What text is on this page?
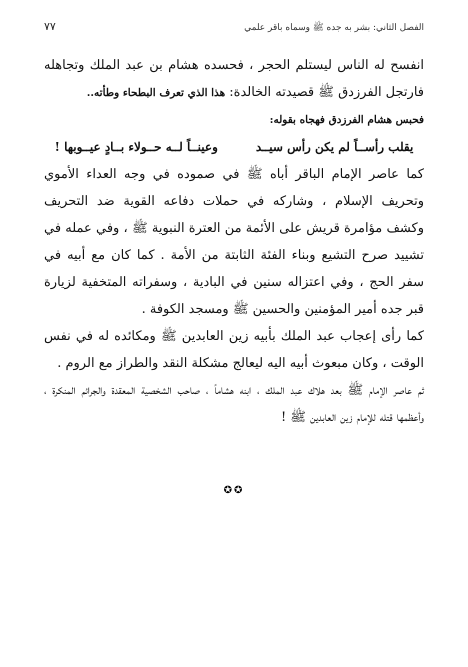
الفصل الثاني: بشر به جده ﷺ وسماه باقر علمي
٧٧

انفسح له الناس ليستلم الحجر ، فحسده هشام بن عبد الملك وتجاهله فارتجل الفرزدق ﷺ قصيدته الخالدة: هذا الذي تعرف البطحاء وطأته..

فحبس هشام الفرزدق فهجاه بقوله:

يقلب رأســاً لم يكن رأس سيــد
وعينــاً لــه حــولاء بــادٍ عيــوبها !

كما عاصر الإمام الباقر أباه ﷺ في صموده في وجه العداء الأموي وتحريف الإسلام ، وشاركه في حملات دفاعه القوية ضد التحريف وكشف مؤامرة قريش على الأئمة من العترة النبوية ﷺ ، وفي عمله في تشييد صرح التشيع وبناء الفئة الثابتة من الأمة . كما كان مع أبيه في سفر الحج ، وفي اعتزاله سنين في البادية ، وسفراته المتخفية لزيارة قبر جده أمير المؤمنين والحسين ﷺ ومسجد الكوفة .

كما رأى إعجاب عبد الملك بأبيه زين العابدين ﷺ ومكائده له في نفس الوقت ، وكان مبعوث أبيه اليه ليعالج مشكلة النقد والطراز مع الروم .

ثم عاصر الإمام ﷺ بعد هلاك عبد الملك ، ابنه هشاماً ، صاحب الشخصية المعقدة والجرائم المنكرة ، وأعظمها قتله للإمام زين العابدين ﷺ !

✪✪
